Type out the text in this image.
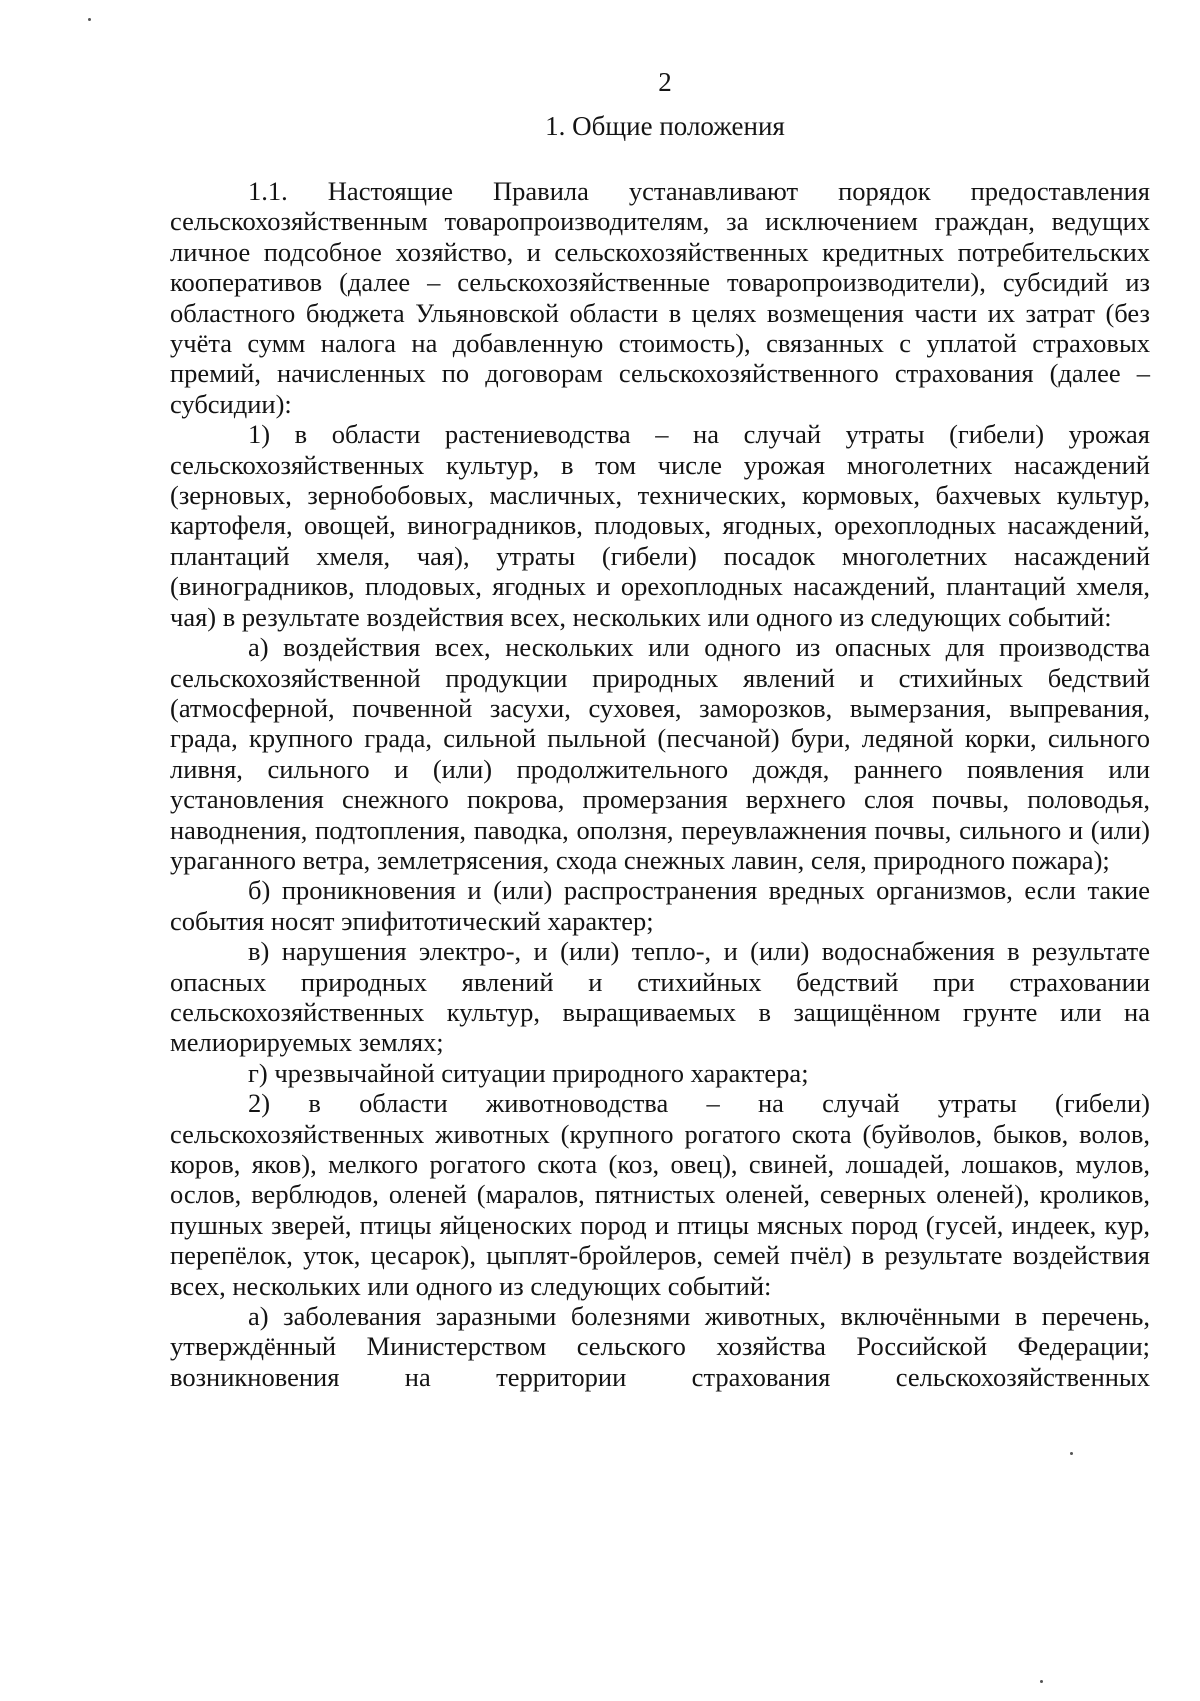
2
1. Общие положения

1.1. Настоящие Правила устанавливают порядок предоставления сельскохозяйственным товаропроизводителям, за исключением граждан, ведущих личное подсобное хозяйство, и сельскохозяйственных кредитных потребительских кооперативов (далее – сельскохозяйственные товаропроизводители), субсидий из областного бюджета Ульяновской области в целях возмещения части их затрат (без учёта сумм налога на добавленную стоимость), связанных с уплатой страховых премий, начисленных по договорам сельскохозяйственного страхования (далее – субсидии):

1) в области растениеводства – на случай утраты (гибели) урожая сельскохозяйственных культур, в том числе урожая многолетних насаждений (зерновых, зернобобовых, масличных, технических, кормовых, бахчевых культур, картофеля, овощей, виноградников, плодовых, ягодных, орехоплодных насаждений, плантаций хмеля, чая), утраты (гибели) посадок многолетних насаждений (виноградников, плодовых, ягодных и орехоплодных насаждений, плантаций хмеля, чая) в результате воздействия всех, нескольких или одного из следующих событий:

а) воздействия всех, нескольких или одного из опасных для производства сельскохозяйственной продукции природных явлений и стихийных бедствий (атмосферной, почвенной засухи, суховея, заморозков, вымерзания, выпревания, града, крупного града, сильной пыльной (песчаной) бури, ледяной корки, сильного ливня, сильного и (или) продолжительного дождя, раннего появления или установления снежного покрова, промерзания верхнего слоя почвы, половодья, наводнения, подтопления, паводка, оползня, переувлажнения почвы, сильного и (или) ураганного ветра, землетрясения, схода снежных лавин, селя, природного пожара);

б) проникновения и (или) распространения вредных организмов, если такие события носят эпифитотический характер;

в) нарушения электро-, и (или) тепло-, и (или) водоснабжения в результате опасных природных явлений и стихийных бедствий при страховании сельскохозяйственных культур, выращиваемых в защищённом грунте или на мелиорируемых землях;

г) чрезвычайной ситуации природного характера;

2) в области животноводства – на случай утраты (гибели) сельскохозяйственных животных (крупного рогатого скота (буйволов, быков, волов, коров, яков), мелкого рогатого скота (коз, овец), свиней, лошадей, лошаков, мулов, ослов, верблюдов, оленей (маралов, пятнистых оленей, северных оленей), кроликов, пушных зверей, птицы яйценоских пород и птицы мясных пород (гусей, индеек, кур, перепёлок, уток, цесарок), цыплят-бройлеров, семей пчёл) в результате воздействия всех, нескольких или одного из следующих событий:

а) заболевания заразными болезнями животных, включёнными в перечень, утверждённый Министерством сельского хозяйства Российской Федерации; возникновения на территории страхования сельскохозяйственных
